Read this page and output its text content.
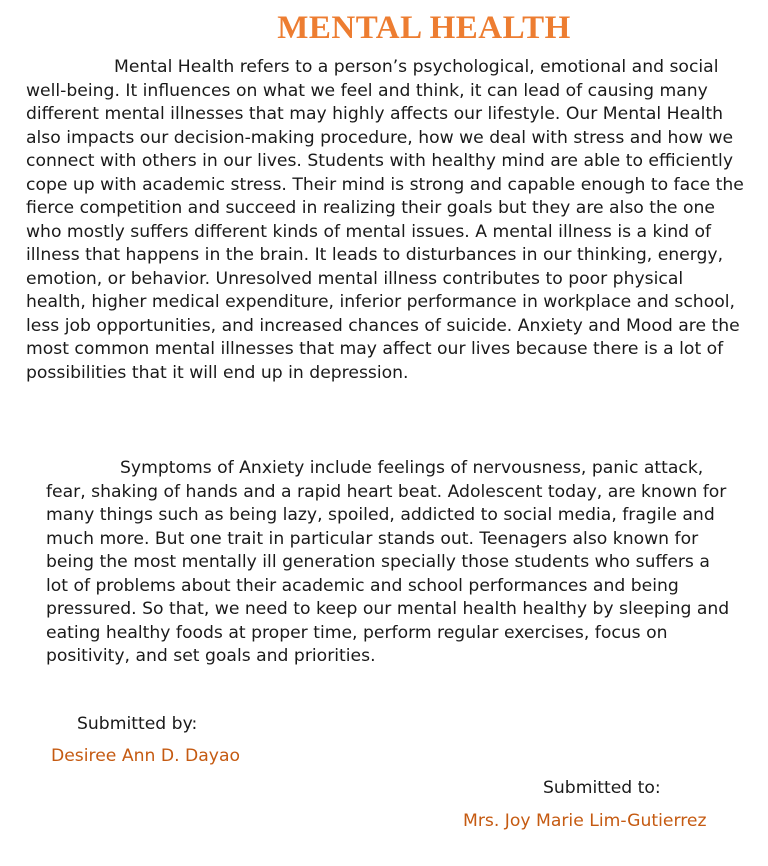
MENTAL HEALTH

Mental Health refers to a person’s psychological, emotional and social well-being. It influences on what we feel and think, it can lead of causing many different mental illnesses that may highly affects our lifestyle. Our Mental Health also impacts our decision-making procedure, how we deal with stress and how we connect with others in our lives. Students with healthy mind are able to efficiently cope up with academic stress. Their mind is strong and capable enough to face the fierce competition and succeed in realizing their goals but they are also the one who mostly suffers different kinds of mental issues. A mental illness is a kind of illness that happens in the brain. It leads to disturbances in our thinking, energy, emotion, or behavior. Unresolved mental illness contributes to poor physical health, higher medical expenditure, inferior performance in workplace and school, less job opportunities, and increased chances of suicide. Anxiety and Mood are the most common mental illnesses that may affect our lives because there is a lot of possibilities that it will end up in depression.

Symptoms of Anxiety include feelings of nervousness, panic attack, fear, shaking of hands and a rapid heart beat. Adolescent today, are known for many things such as being lazy, spoiled, addicted to social media, fragile and much more. But one trait in particular stands out. Teenagers also known for being the most mentally ill generation specially those students who suffers a lot of problems about their academic and school performances and being pressured. So that, we need to keep our mental health healthy by sleeping and eating healthy foods at proper time, perform regular exercises, focus on positivity, and set goals and priorities.

Submitted by:
Desiree Ann D. Dayao
Submitted to:
Mrs. Joy Marie Lim-Gutierrez
